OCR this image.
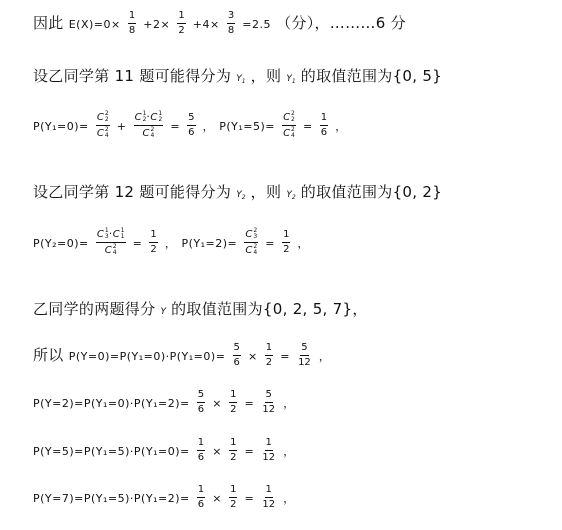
因此 $E(X)=0\times \frac{1}{8} +2\times \frac{1}{2} +4\times \frac{3}{8} =2.5$ （分），………6 分
设乙同学第 11 题可能得分为 $Y_1$ ，则 $Y_1$ 的取值范围为{0, 5}
P(Y₁=0)= C 2
2
C 2
4 + C 1
2 ·C 1
2
C 2
$4 = \frac{5}{6}$ ， P(Y₁=5)= C 2
2
C 2
$4 = \frac{1}{6}$ ，
设乙同学第 12 题可能得分为 $Y_2$ ，则 $Y_2$ 的取值范围为{0, 2}
P(Y₂=0)= C 1
3 ·C 1
1
C 2
$4 = \frac{1}{2}$ ， P(Y₁=2)= C 2
3
C 2
$4 = \frac{1}{2}$ ，
乙同学的两题得分 Y 的取值范围为{0, 2, 5, 7}，
所以 $P(Y=0)=P(Y_1=0)\cdot P(Y_1=0)= \frac{5}{6} \times \frac{1}{2} = \frac{5}{12}$ ，
$P(Y=2)=P(Y_1=0)\cdot P(Y_1=2)= \frac{5}{6} \times \frac{1}{2} = \frac{5}{12}$ ，
$P(Y=5)=P(Y_1=5)\cdot P(Y_1=0)= \frac{1}{6} \times \frac{1}{2} = \frac{1}{12}$ ，
$P(Y=7)=P(Y_1=5)\cdot P(Y_1=2)= \frac{1}{6} \times \frac{1}{2} = \frac{1}{12}$ ，
